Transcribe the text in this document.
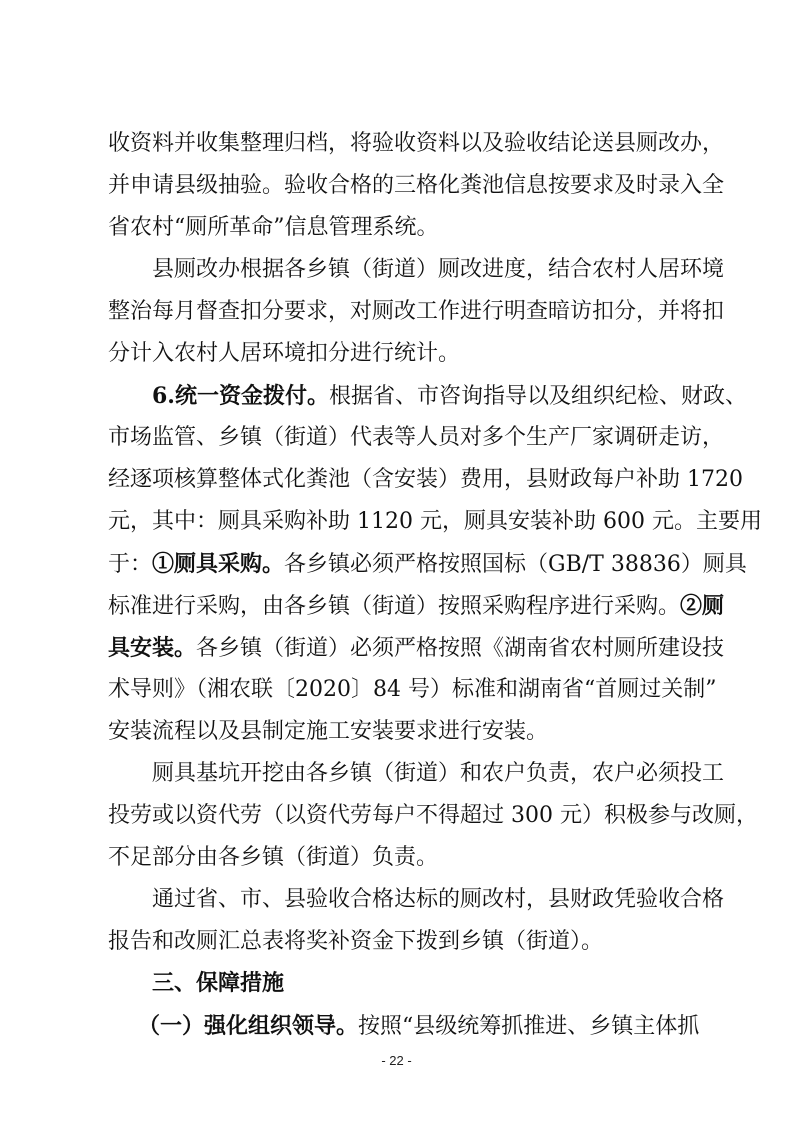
收资料并收集整理归档，将验收资料以及验收结论送县厕改办，
并申请县级抽验。验收合格的三格化粪池信息按要求及时录入全
省农村“厕所革命”信息管理系统。
县厕改办根据各乡镇（街道）厕改进度，结合农村人居环境
整治每月督查扣分要求，对厕改工作进行明查暗访扣分，并将扣
分计入农村人居环境扣分进行统计。
6.统一资金拨付。根据省、市咨询指导以及组织纪检、财政、
市场监管、乡镇（街道）代表等人员对多个生产厂家调研走访，
经逐项核算整体式化粪池（含安装）费用，县财政每户补助 1720
元，其中：厕具采购补助 1120 元，厕具安装补助 600 元。主要用
于：①厕具采购。各乡镇必须严格按照国标（GB/T 38836）厕具
标准进行采购，由各乡镇（街道）按照采购程序进行采购。②厕
具安装。各乡镇（街道）必须严格按照《湖南省农村厕所建设技
术导则》（湘农联〔2020〕84 号）标准和湖南省“首厕过关制”
安装流程以及县制定施工安装要求进行安装。
厕具基坑开挖由各乡镇（街道）和农户负责，农户必须投工
投劳或以资代劳（以资代劳每户不得超过 300 元）积极参与改厕，
不足部分由各乡镇（街道）负责。
通过省、市、县验收合格达标的厕改村，县财政凭验收合格
报告和改厕汇总表将奖补资金下拨到乡镇（街道）。
三、保障措施
（一）强化组织领导。按照“县级统筹抓推进、乡镇主体抓
- 22 -
